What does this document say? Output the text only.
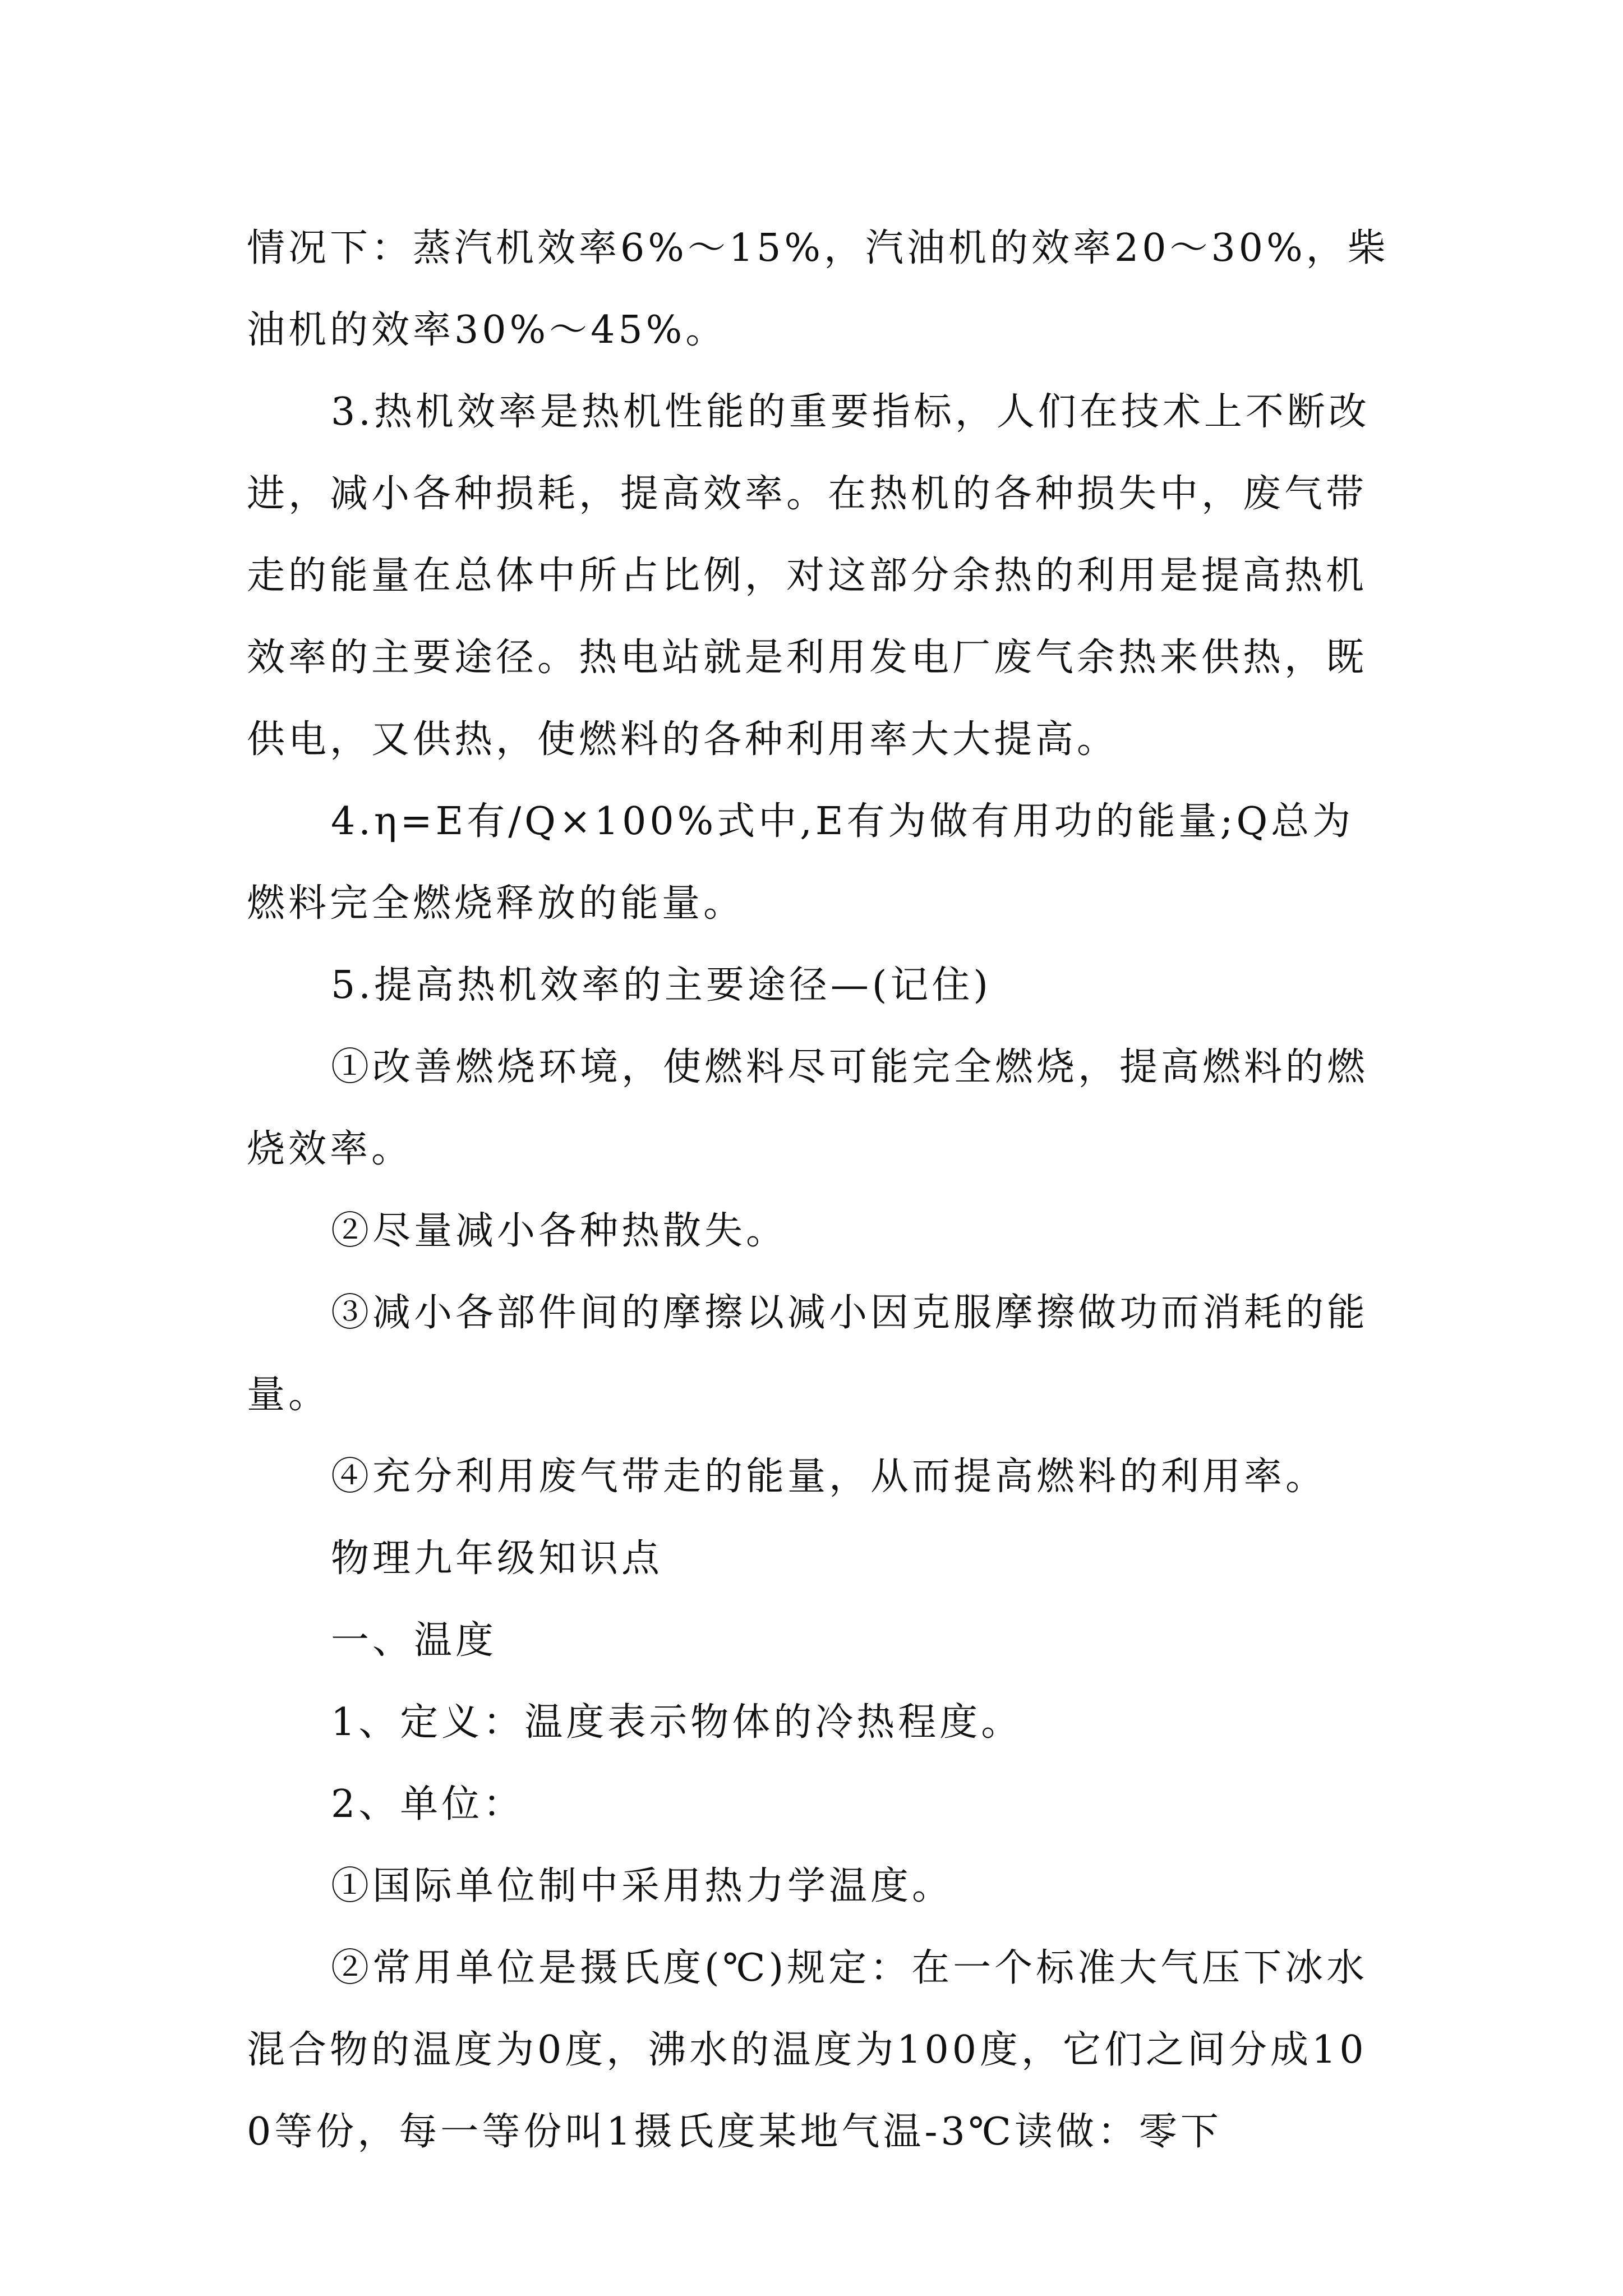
情况下：蒸汽机效率6%～15%，汽油机的效率20～30%，柴油机的效率30%～45%。

3.热机效率是热机性能的重要指标，人们在技术上不断改进，减小各种损耗，提高效率。在热机的各种损失中，废气带走的能量在总体中所占比例，对这部分余热的利用是提高热机效率的主要途径。热电站就是利用发电厂废气余热来供热，既供电，又供热，使燃料的各种利用率大大提高。

4.η=E有/Q×100%式中,E有为做有用功的能量;Q总为燃料完全燃烧释放的能量。

5.提高热机效率的主要途径—(记住)

①改善燃烧环境，使燃料尽可能完全燃烧，提高燃料的燃烧效率。

②尽量减小各种热散失。

③减小各部件间的摩擦以减小因克服摩擦做功而消耗的能量。

④充分利用废气带走的能量，从而提高燃料的利用率。

物理九年级知识点

一、温度

1、定义：温度表示物体的冷热程度。

2、单位：

①国际单位制中采用热力学温度。

②常用单位是摄氏度(℃)规定：在一个标准大气压下冰水混合物的温度为0度，沸水的温度为100度，它们之间分成100等份，每一等份叫1摄氏度某地气温-3℃读做：零下
